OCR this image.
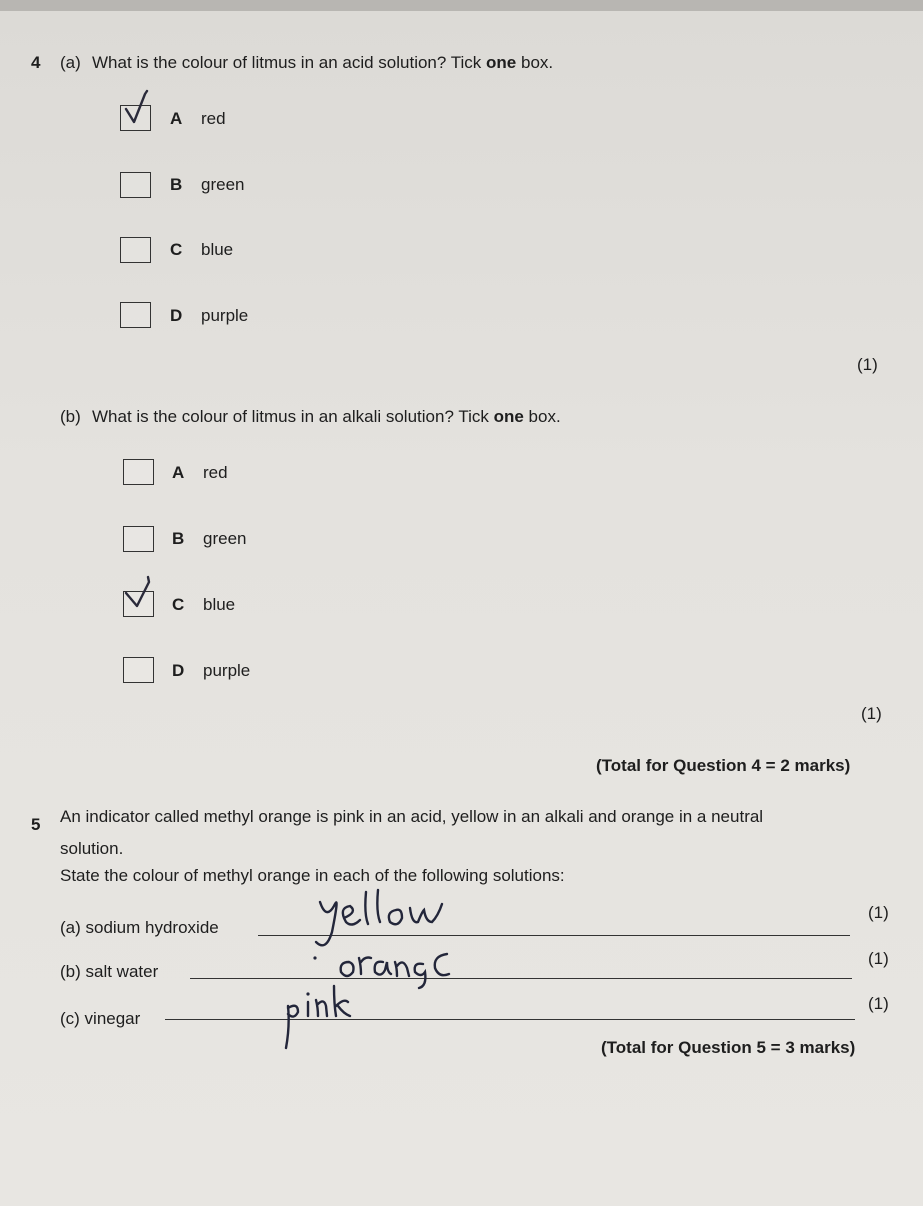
4 (a) What is the colour of litmus in an acid solution? Tick one box.
A red
B green
C blue
D purple
(1)
(b) What is the colour of litmus in an alkali solution? Tick one box.
A red
B green
C blue
D purple
(1)
(Total for Question 4 = 2 marks)
5 An indicator called methyl orange is pink in an acid, yellow in an alkali and orange in a neutral
solution.
State the colour of methyl orange in each of the following solutions:
(a) sodium hydroxide
(1)
(b) salt water
(1)
(c) vinegar
(1)
(Total for Question 5 = 3 marks)
